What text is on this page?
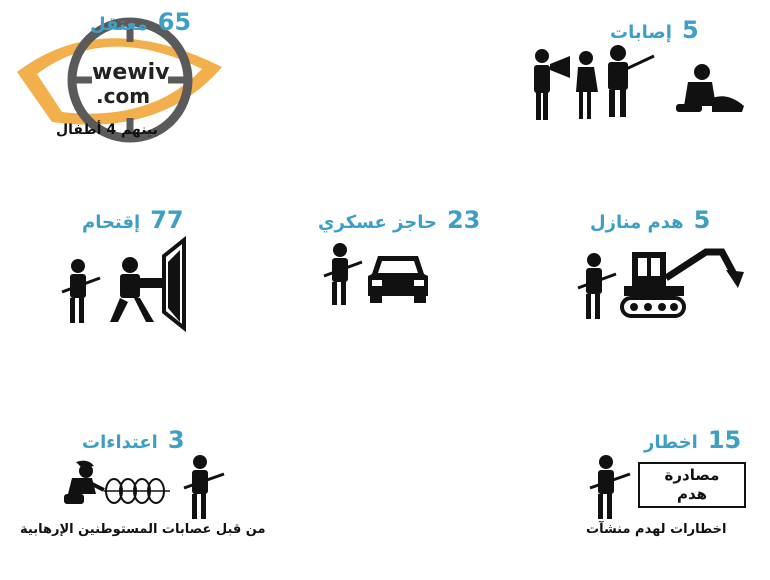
wewiv
.com
65
معتقل
بينهم 4 أطفال
5
إصابات
77
إقتحام	23
حاجز عسكري	5
هدم منازل
3
اعتداءات
من قبل عصابات المستوطنين الإرهابية
15
اخطار
مصادرة
هدم
اخطارات لهدم منشآت
